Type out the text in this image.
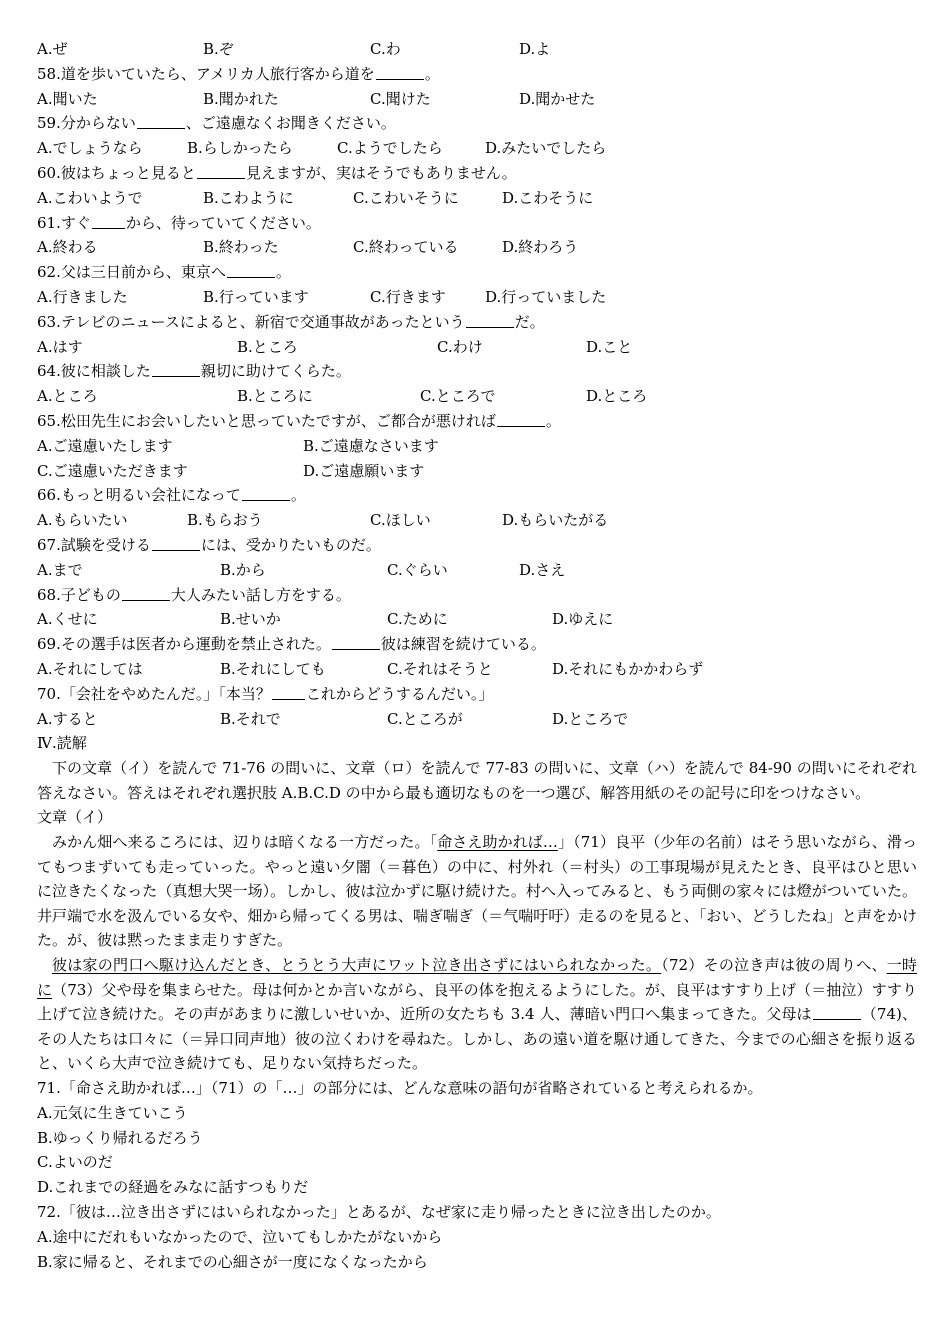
A.ぜ	B.ぞ	C.わ	D.よ
58.道を歩いていたら、アメリカ人旅行客から道を	。
A.聞いた	B.聞かれた	C.聞けた	D.聞かせた
59.分からない	、ご遠慮なくお聞きください。
A.でしょうなら	B.らしかったら	C.ようでしたら	D.みたいでしたら
60.彼はちょっと見ると	見えますが、実はそうでもありません。
A.こわいようで	B.こわように	C.こわいそうに	D.こわそうに
61.すぐ から、待っていてください。
A.終わる	B.終わった	C.終わっている	D.終わろう
62.父は三日前から、東京へ	。
A.行きました	B.行っています	C.行きます	D.行っていました
63.テレビのニュースによると、新宿で交通事故があったという	だ。
A.はす	B.ところ	C.わけ	D.こと
64.彼に相談した	親切に助けてくらた。
A.ところ	B.ところに	C.ところで	D.ところ
65.松田先生にお会いしたいと思っていたですが、ご都合が悪ければ	。
A.ご遠慮いたします	B.ご遠慮なさいます
C.ご遠慮いただきます	D.ご遠慮願います
66.もっと明るい会社になって	。
A.もらいたい	B.もらおう	C.ほしい	D.もらいたがる
67.試験を受ける	には、受かりたいものだ。
A.まで	B.から	C.ぐらい	D.さえ
68.子どもの	大人みたい話し方をする。
A.くせに	B.せいか	C.ために	D.ゆえに
69.その選手は医者から運動を禁止された。	彼は練習を続けている。
A.それにしては	B.それにしても	C.それはそうと	D.それにもかかわらず
70.「会社をやめたんだ。」「本当？ これからどうするんだい。」
A.すると	B.それで	C.ところが	D.ところで
Ⅳ.読解
下の文章（イ）を読んで 71-76 の問いに、文章（ロ）を読んで 77-83 の問いに、文章（ハ）を読んで 84-90 の問いにそれぞれ答えなさい。答えはそれぞれ選択肢 A.B.C.D の中から最も適切なものを一つ選び、解答用紙のその記号に印をつけなさい。
文章（イ）
みかん畑へ来るころには、辺りは暗くなる一方だった。「命さえ助かれば…」（71）良平（少年の名前）はそう思いながら、滑ってもつまずいても走っていった。やっと遠い夕闇（＝暮色）の中に、村外れ（＝村头）の工事現場が見えたとき、良平はひと思いに泣きたくなった（真想大哭一场）。しかし、彼は泣かずに駆け続けた。村へ入ってみると、もう両側の家々には燈がついていた。井戸端で水を汲んでいる女や、畑から帰ってくる男は、喘ぎ喘ぎ（＝气喘吁吁）走るのを見ると、「おい、どうしたね」と声をかけた。が、彼は黙ったまま走りすぎた。
彼は家の門口へ駆け込んだとき、とうとう大声にワット泣き出さずにはいられなかった。（72）その泣き声は彼の周りへ、一時に（73）父や母を集まらせた。母は何かとか言いながら、良平の体を抱えるようにした。が、良平はすすり上げ（＝抽泣）すすり上げて泣き続けた。その声があまりに激しいせいか、近所の女たちも 3.4 人、薄暗い門口へ集まってきた。父母は	（74)、その人たちは口々に（＝异口同声地）彼の泣くわけを尋ねた。しかし、あの遠い道を駆け通してきた、今までの心細さを振り返ると、いくら大声で泣き続けても、足りない気持ちだった。
71.「命さえ助かれば…」（71）の「…」の部分には、どんな意味の語句が省略されていると考えられるか。
A.元気に生きていこう
B.ゆっくり帰れるだろう
C.よいのだ
D.これまでの経過をみなに話すつもりだ
72.「彼は…泣き出さずにはいられなかった」とあるが、なぜ家に走り帰ったときに泣き出したのか。
A.途中にだれもいなかったので、泣いてもしかたがないから
B.家に帰ると、それまでの心細さが一度になくなったから
